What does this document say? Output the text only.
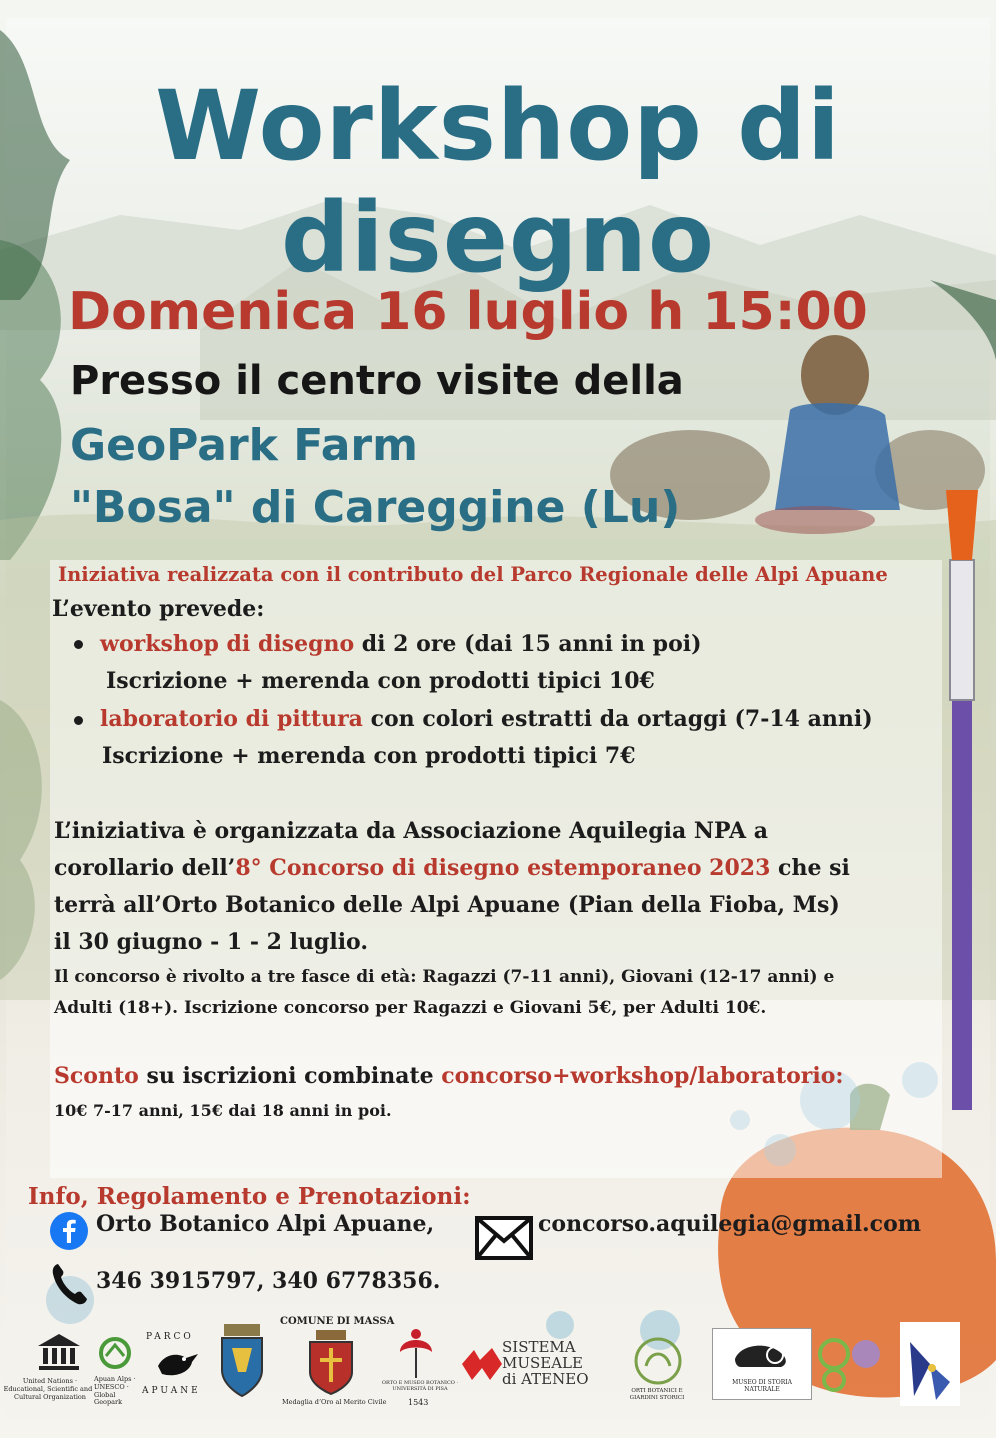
Workshop di disegno

Domenica 16 luglio h 15:00

Presso il centro visite della

GeoPark Farm

"Bosa" di Careggine (Lu)

Iniziativa realizzata con il contributo del Parco Regionale delle Alpi Apuane

L’evento prevede:

workshop di disegno di 2 ore (dai 15 anni in poi)

Iscrizione + merenda con prodotti tipici 10€

laboratorio di pittura con colori estratti da ortaggi (7-14 anni)

Iscrizione + merenda con prodotti tipici 7€

L’iniziativa è organizzata da Associazione Aquilegia NPA a

corollario dell’8° Concorso di disegno estemporaneo 2023 che si

terrà all’Orto Botanico delle Alpi Apuane (Pian della Fioba, Ms)

il 30 giugno - 1 - 2 luglio.

Il concorso è rivolto a tre fasce di età: Ragazzi (7-11 anni), Giovani (12-17 anni) e

Adulti (18+). Iscrizione concorso per Ragazzi e Giovani 5€, per Adulti 10€.

Sconto su iscrizioni combinate concorso+workshop/laboratorio:

10€ 7-17 anni, 15€ dai 18 anni in poi.

Info, Regolamento e Prenotazioni:

Orto Botanico Alpi Apuane,	concorso.aquilegia@gmail.com

346 3915797, 340 6778356.

United Nations · Educational, Scientific and · Cultural Organization

Apuan Alps · UNESCO · Global Geopark

PARCO

APUANE

COMUNE DI MASSA

Medaglia d’Oro al Merito Civile

ORTO E MUSEO BOTANICO · UNIVERSITÀ DI PISA

1543

SISTEMA

MUSEALE

di ATENEO

ORTI BOTANICI E GIARDINI STORICI

MUSEO DI STORIA NATURALE
